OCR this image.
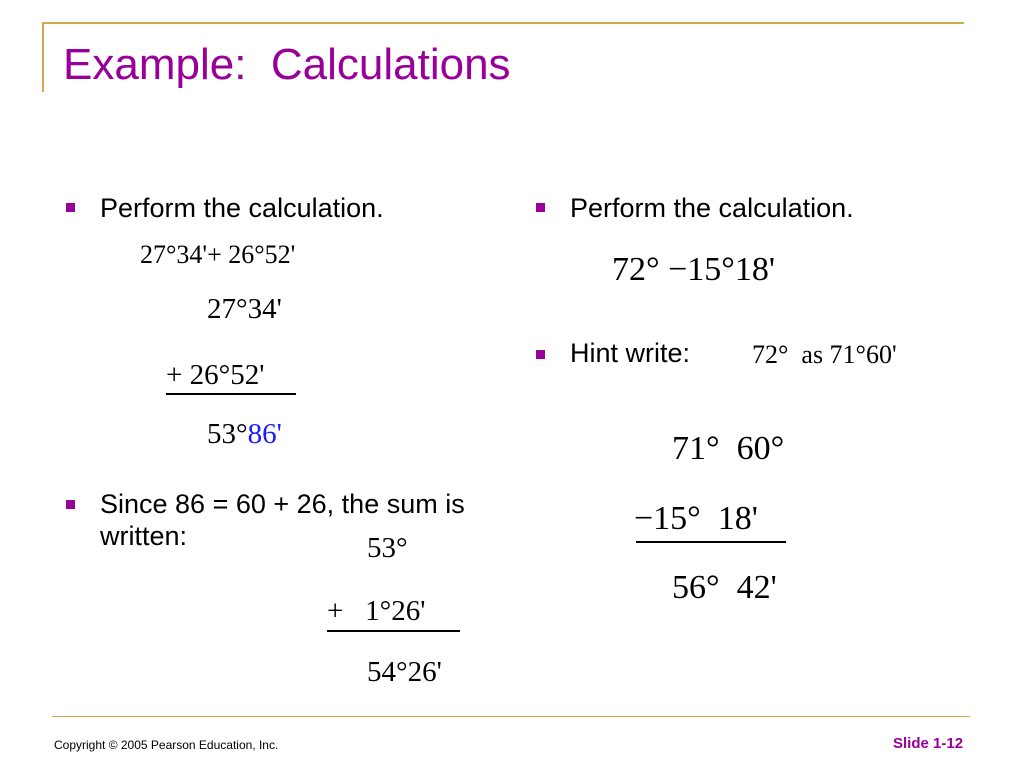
Example:  Calculations
Perform the calculation.
27°34'+ 26°52'
27°34'
+ 26°52'
53°86'
Since 86 = 60 + 26, the sum is written:	53°
+   1°26'
54°26'
Perform the calculation.
72° −15°18'
Hint write: 72°  as 71°60'
71°  60°
−15°  18'
56°  42'
Copyright © 2005 Pearson Education, Inc.	Slide 1-12
